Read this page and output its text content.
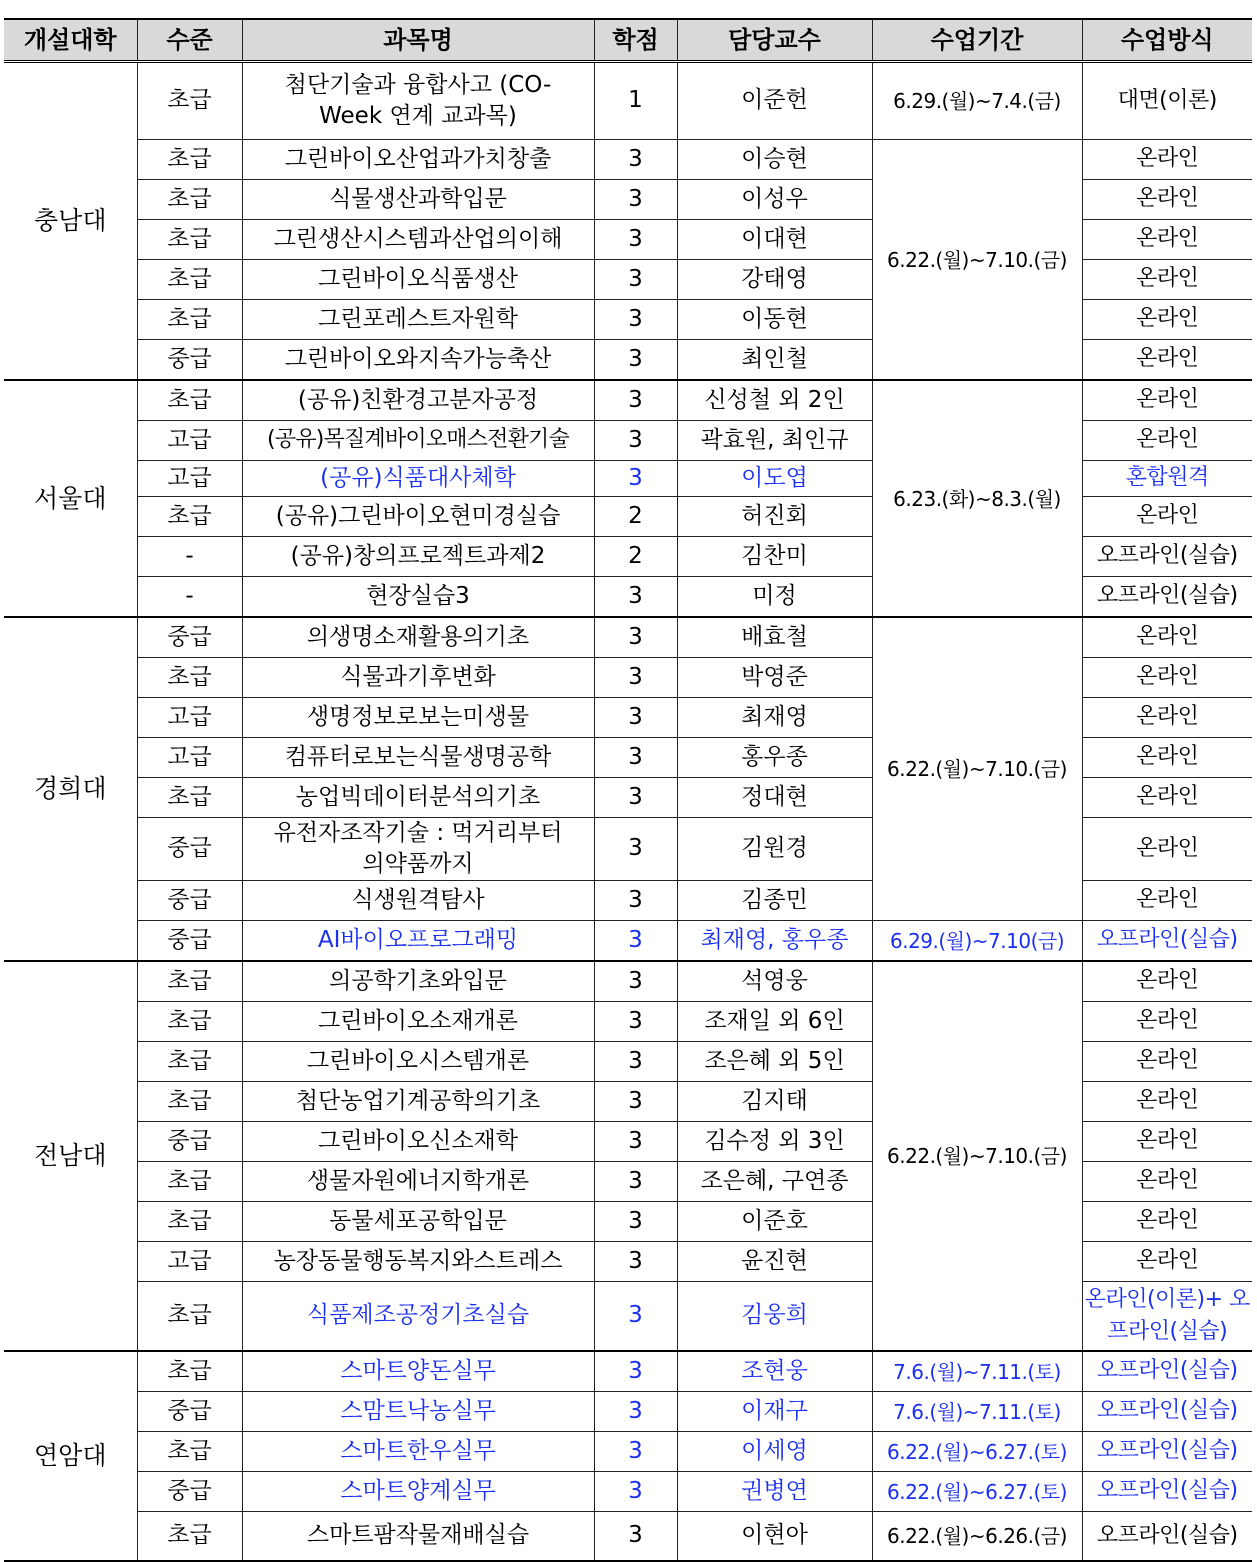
개설대학	수준	과목명	학점	담당교수	수업기간	수업방식
충남대	초급	첨단기술과 융합사고 (CO-Week 연계 교과목)	1	이준헌	6.29.(월)~7.4.(금)	대면(이론)
	초급	그린바이오산업과가치창출	3	이승현	6.22.(월)~7.10.(금)	온라인
	초급	식물생산과학입문	3	이성우		온라인
	초급	그린생산시스템과산업의이해	3	이대현		온라인
	초급	그린바이오식품생산	3	강태영		온라인
	초급	그린포레스트자원학	3	이동현		온라인
	중급	그린바이오와지속가능축산	3	최인철		온라인
서울대	초급	(공유)친환경고분자공정	3	신성철 외 2인	6.23.(화)~8.3.(월)	온라인
	고급	(공유)목질계바이오매스전환기술	3	곽효원, 최인규		온라인
	고급	(공유)식품대사체학	3	이도엽		혼합원격
	초급	(공유)그린바이오현미경실습	2	허진회		온라인
	-	(공유)창의프로젝트과제2	2	김찬미		오프라인(실습)
	-	현장실습3	3	미정		오프라인(실습)
경희대	중급	의생명소재활용의기초	3	배효철	6.22.(월)~7.10.(금)	온라인
	초급	식물과기후변화	3	박영준		온라인
	고급	생명정보로보는미생물	3	최재영		온라인
	고급	컴퓨터로보는식물생명공학	3	홍우종		온라인
	초급	농업빅데이터분석의기초	3	정대현		온라인
	중급	유전자조작기술 : 먹거리부터의약품까지	3	김원경		온라인
	중급	식생원격탐사	3	김종민		온라인
	중급	AI바이오프로그래밍	3	최재영, 홍우종	6.29.(월)~7.10(금)	오프라인(실습)
전남대	초급	의공학기초와입문	3	석영웅	6.22.(월)~7.10.(금)	온라인
	초급	그린바이오소재개론	3	조재일 외 6인		온라인
	초급	그린바이오시스템개론	3	조은혜 외 5인		온라인
	초급	첨단농업기계공학의기초	3	김지태		온라인
	중급	그린바이오신소재학	3	김수정 외 3인		온라인
	초급	생물자원에너지학개론	3	조은혜, 구연종		온라인
	초급	동물세포공학입문	3	이준호		온라인
	고급	농장동물행동복지와스트레스	3	윤진현		온라인
	초급	식품제조공정기초실습	3	김웅희		온라인(이론)+ 오프라인(실습)
연암대	초급	스마트양돈실무	3	조현웅	7.6.(월)~7.11.(토)	오프라인(실습)
	중급	스맘트낙농실무	3	이재구	7.6.(월)~7.11.(토)	오프라인(실습)
	초급	스마트한우실무	3	이세영	6.22.(월)~6.27.(토)	오프라인(실습)
	중급	스마트양계실무	3	권병연	6.22.(월)~6.27.(토)	오프라인(실습)
	초급	스마트팜작물재배실습	3	이현아	6.22.(월)~6.26.(금)	오프라인(실습)
